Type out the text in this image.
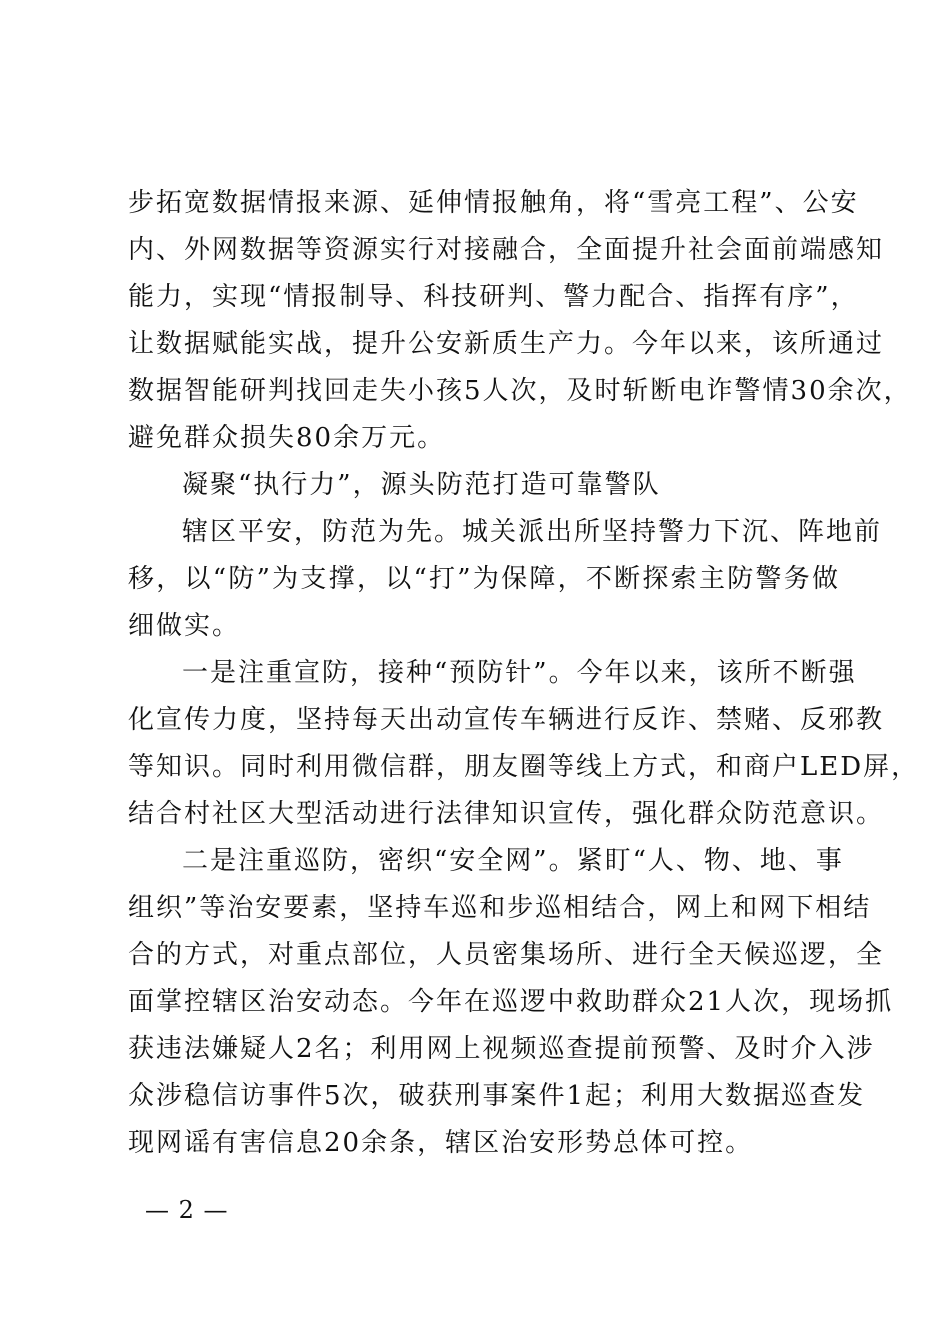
步拓宽数据情报来源、延伸情报触角，将“雪亮工程”、公安
内、外网数据等资源实行对接融合，全面提升社会面前端感知
能力，实现“情报制导、科技研判、警力配合、指挥有序”，
让数据赋能实战，提升公安新质生产力。今年以来，该所通过
数据智能研判找回走失小孩5人次，及时斩断电诈警情30余次，
避免群众损失80余万元。
凝聚“执行力”，源头防范打造可靠警队
辖区平安，防范为先。城关派出所坚持警力下沉、阵地前
移，以“防”为支撑，以“打”为保障，不断探索主防警务做
细做实。
一是注重宣防，接种“预防针”。今年以来，该所不断强
化宣传力度，坚持每天出动宣传车辆进行反诈、禁赌、反邪教
等知识。同时利用微信群，朋友圈等线上方式，和商户LED屏，
结合村社区大型活动进行法律知识宣传，强化群众防范意识。
二是注重巡防，密织“安全网”。紧盯“人、物、地、事
组织”等治安要素，坚持车巡和步巡相结合，网上和网下相结
合的方式，对重点部位，人员密集场所、进行全天候巡逻，全
面掌控辖区治安动态。今年在巡逻中救助群众21人次，现场抓
获违法嫌疑人2名；利用网上视频巡查提前预警、及时介入涉
众涉稳信访事件5次，破获刑事案件1起；利用大数据巡查发
现网谣有害信息20余条，辖区治安形势总体可控。
— 2 —
